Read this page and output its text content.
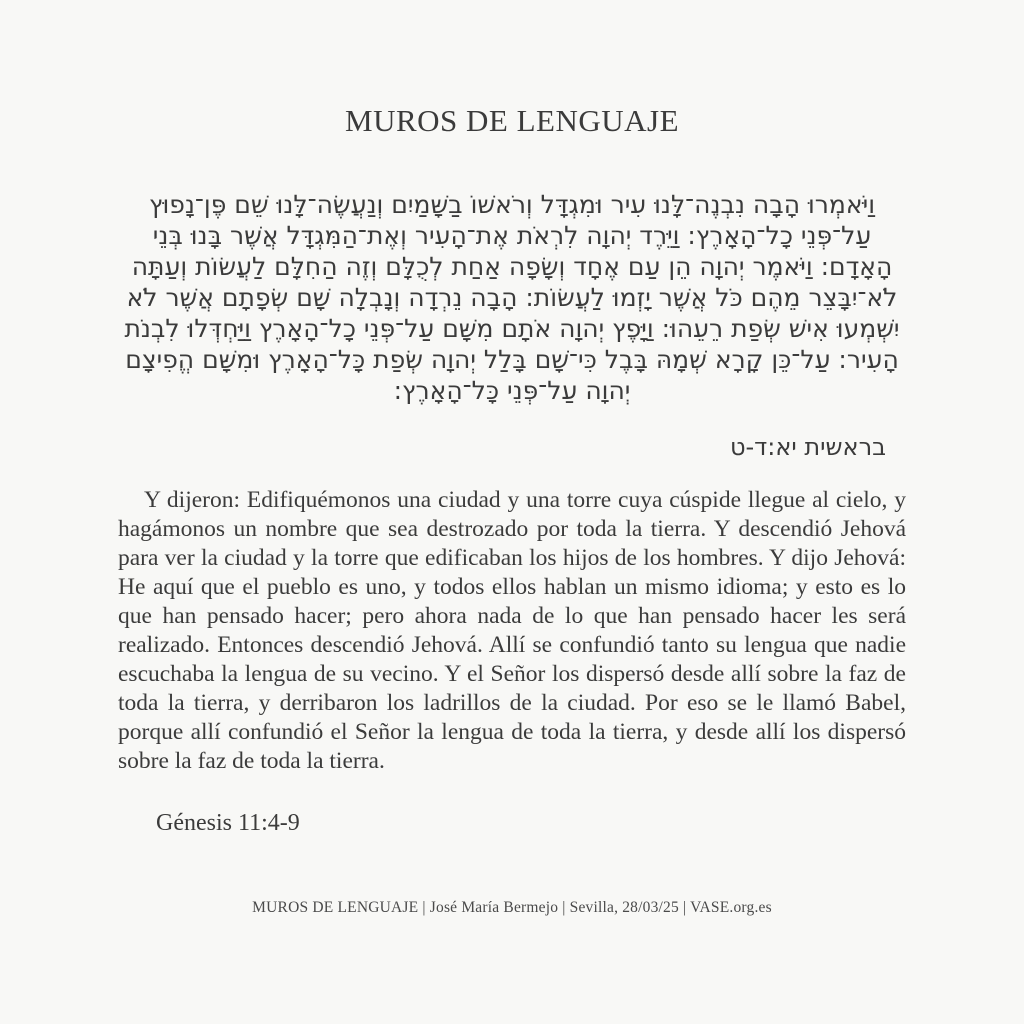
MUROS DE LENGUAJE

וַיֹּאמְרוּ הָבָה נִבְנֶה־לָּנוּ עִיר וּמִגְדָּל וְרֹאשׁוֹ בַשָּׁמַיִם וְנַעֲשֶׂה־לָּנוּ שֵׁם פֶּן־נָפוּץ עַל־פְּנֵי כָל־הָאָרֶץ: וַיֵּרֶד יְהוָה לִרְאֹת אֶת־הָעִיר וְאֶת־הַמִּגְדָּל אֲשֶׁר בָּנוּ בְּנֵי הָאָדָם: וַיֹּאמֶר יְהוָה הֵן עַם אֶחָד וְשָׂפָה אַחַת לְכֻלָּם וְזֶה הַחִלָּם לַעֲשׂוֹת וְעַתָּה לֹא־יִבָּצֵר מֵהֶם כֹּל אֲשֶׁר יָזְמוּ לַעֲשׂוֹת: הָבָה נֵרְדָה וְנָבְלָה שָׁם שְׂפָתָם אֲשֶׁר לֹא יִשְׁמְעוּ אִישׁ שְׂפַת רֵעֵהוּ: וַיָּפֶץ יְהוָה אֹתָם מִשָּׁם עַל־פְּנֵי כָל־הָאָרֶץ וַיַּחְדְּלוּ לִבְנֹת הָעִיר: עַל־כֵּן קָרָא שְׁמָהּ בָּבֶל כִּי־שָׁם בָּלַל יְהוָה שְׂפַת כָּל־הָאָרֶץ וּמִשָּׁם הֱפִיצָם יְהוָה עַל־פְּנֵי כָּל־הָאָרֶץ:

בראשית יא:ד-ט

Y dijeron: Edifiquémonos una ciudad y una torre cuya cúspide llegue al cielo, y hagámonos un nombre que sea destrozado por toda la tierra. Y descendió Jehová para ver la ciudad y la torre que edificaban los hijos de los hombres. Y dijo Jehová: He aquí que el pueblo es uno, y todos ellos hablan un mismo idioma; y esto es lo que han pensado hacer; pero ahora nada de lo que han pensado hacer les será realizado. Entonces descendió Jehová. Allí se confundió tanto su lengua que nadie escuchaba la lengua de su vecino. Y el Señor los dispersó desde allí sobre la faz de toda la tierra, y derribaron los ladrillos de la ciudad. Por eso se le llamó Babel, porque allí confundió el Señor la lengua de toda la tierra, y desde allí los dispersó sobre la faz de toda la tierra.

Génesis 11:4-9

MUROS DE LENGUAJE | José María Bermejo | Sevilla, 28/03/25 | VASE.org.es
